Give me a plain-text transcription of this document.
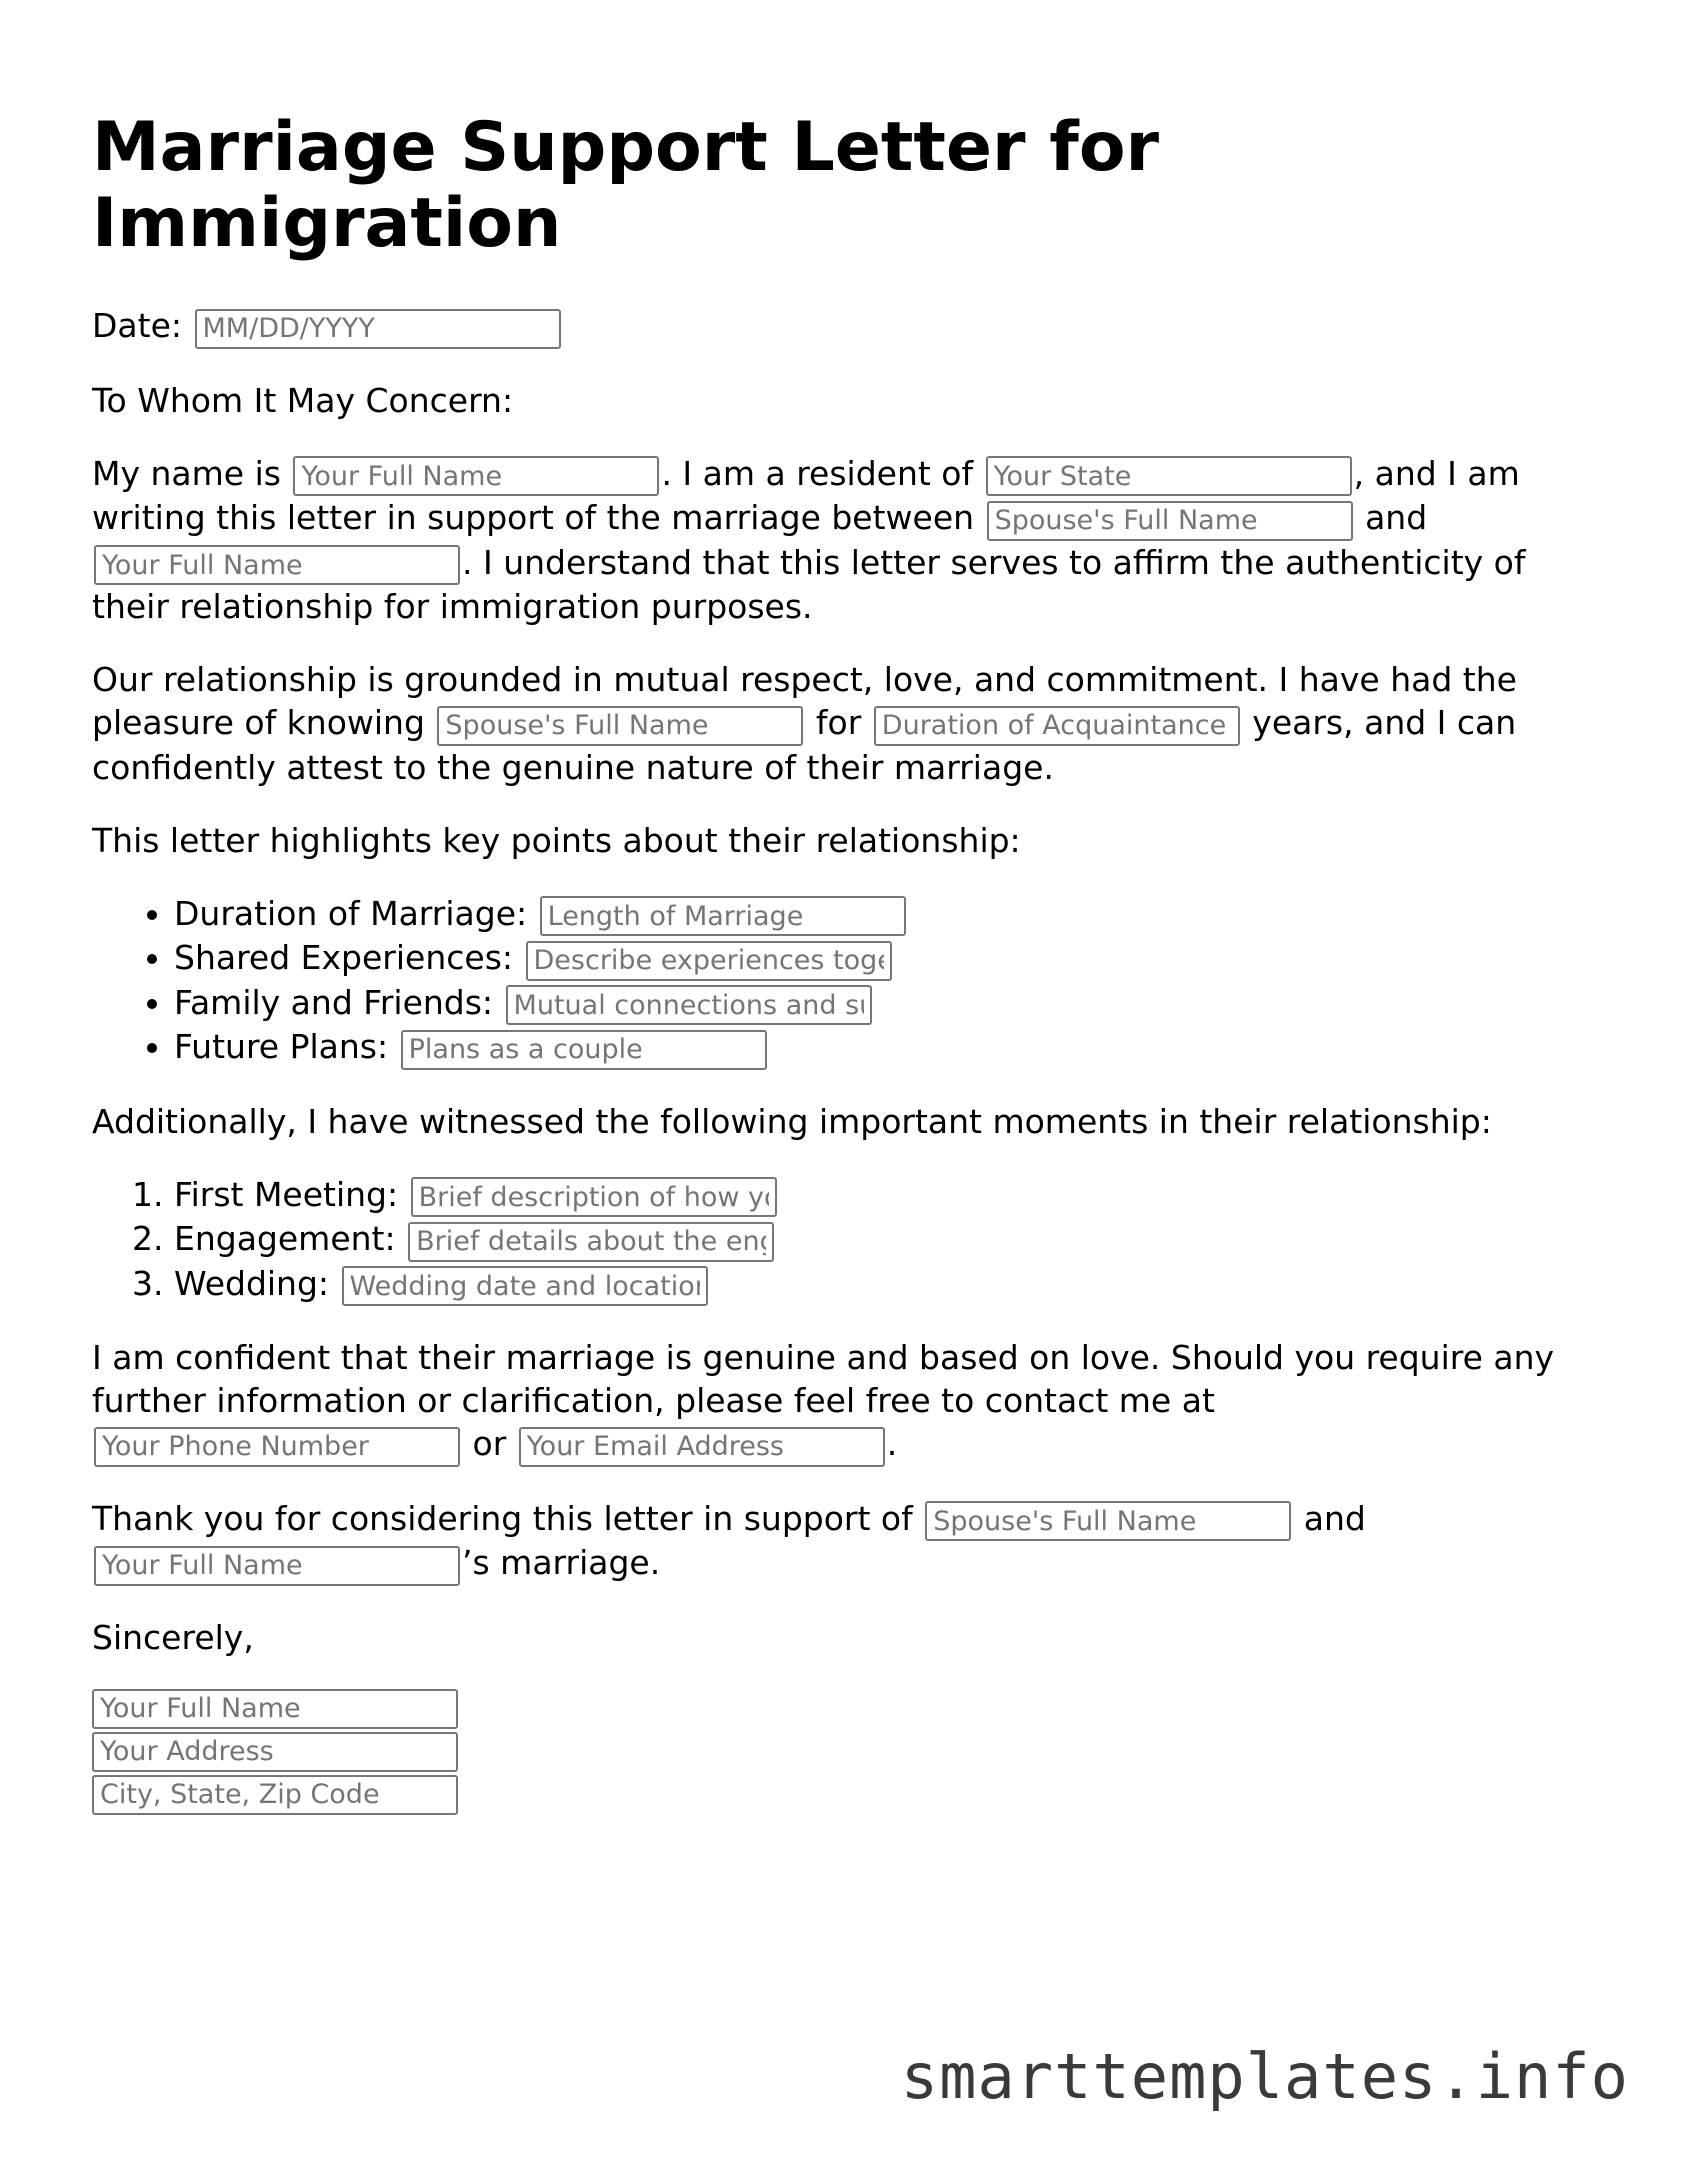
Marriage Support Letter for Immigration

Date: MM/DD/YYYY

To Whom It May Concern:

My name is Your Full Name	. I am a resident of Your State	, and I am writing this letter in support of the marriage between Spouse's Full Name	and Your Full Name. I understand that this letter serves to affirm the authenticity of their relationship for immigration purposes.

Our relationship is grounded in mutual respect, love, and commitment. I have had the pleasure of knowing Spouse's Full Name	for Duration of Acquaintance	years, and I can confidently attest to the genuine nature of their marriage.

This letter highlights key points about their relationship:

• Duration of Marriage: Length of Marriage
• Shared Experiences: Describe experiences together
• Family and Friends: Mutual connections and support
• Future Plans: Plans as a couple

Additionally, I have witnessed the following important moments in their relationship:

1. First Meeting: Brief description of how you met
2. Engagement: Brief details about the engagement
3. Wedding: Wedding date and location

I am confident that their marriage is genuine and based on love. Should you require any further information or clarification, please feel free to contact me at Your Phone Number or Your Email Address	.

Thank you for considering this letter in support of Spouse's Full Name	and Your Full Name’s marriage.

Sincerely,

Your Full Name
Your Address
City, State, Zip Code
smarttemplates.info
